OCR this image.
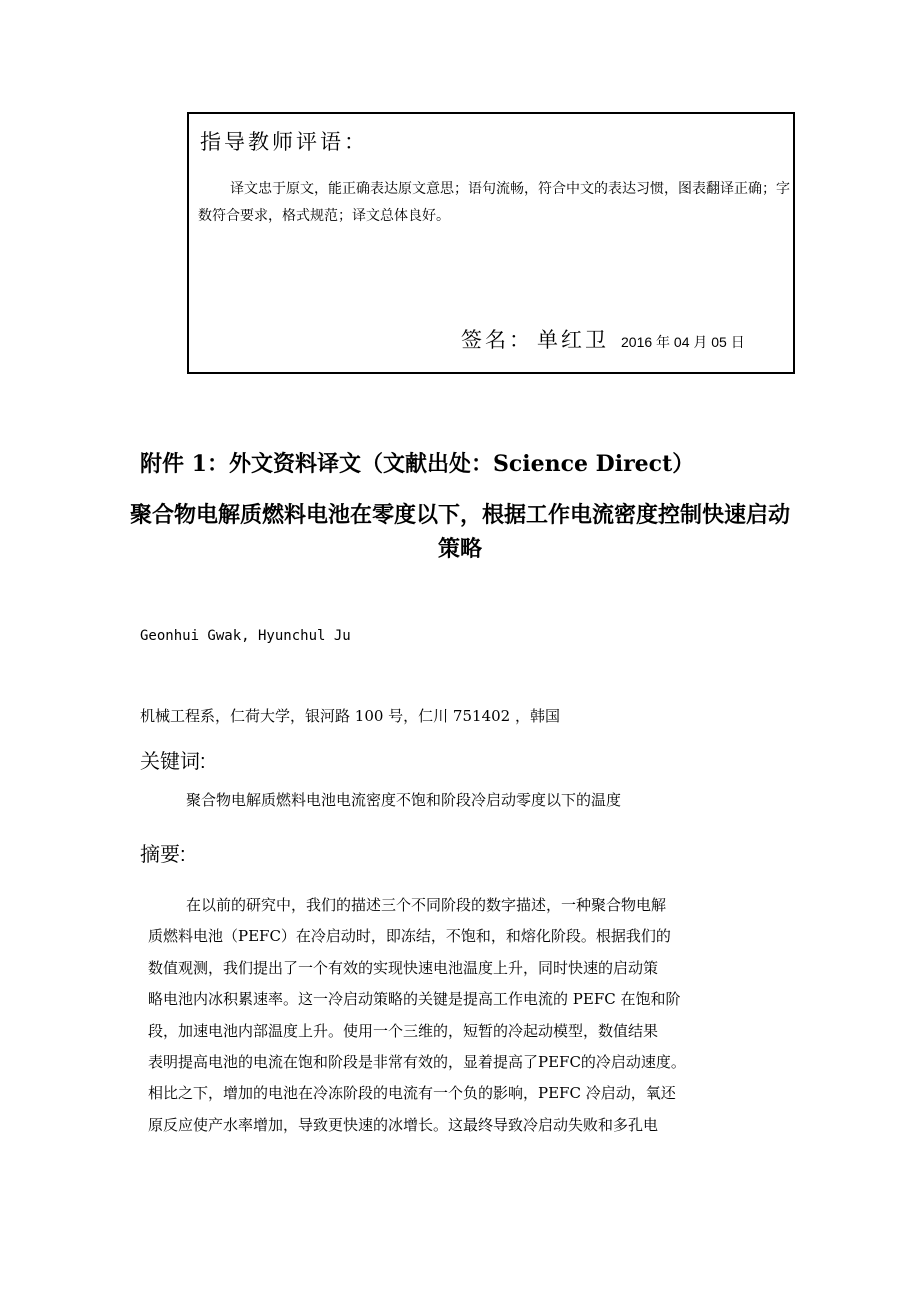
指导教师评语：

译文忠于原文，能正确表达原文意思；语句流畅，符合中文的表达习惯，图表翻译正确；字数符合要求，格式规范；译文总体良好。

签名： 单红卫 2016 年 04 月 05 日
附件 1：外文资料译文（文献出处：Science Direct）
聚合物电解质燃料电池在零度以下，根据工作电流密度控制快速启动策略
Geonhui Gwak, Hyunchul Ju
机械工程系，仁荷大学，银河路 100 号，仁川 751402 ，韩国
关键词:
聚合物电解质燃料电池电流密度不饱和阶段冷启动零度以下的温度
摘要:
在以前的研究中，我们的描述三个不同阶段的数字描述，一种聚合物电解
质燃料电池（PEFC）在冷启动时，即冻结，不饱和，和熔化阶段。根据我们的
数值观测，我们提出了一个有效的实现快速电池温度上升，同时快速的启动策
略电池内冰积累速率。这一冷启动策略的关键是提高工作电流的 PEFC 在饱和阶
段，加速电池内部温度上升。使用一个三维的，短暂的冷起动模型，数值结果
表明提高电池的电流在饱和阶段是非常有效的，显着提高了PEFC的冷启动速度。
相比之下，增加的电池在冷冻阶段的电流有一个负的影响，PEFC 冷启动，氧还
原反应使产水率增加，导致更快速的冰增长。这最终导致冷启动失败和多孔电
